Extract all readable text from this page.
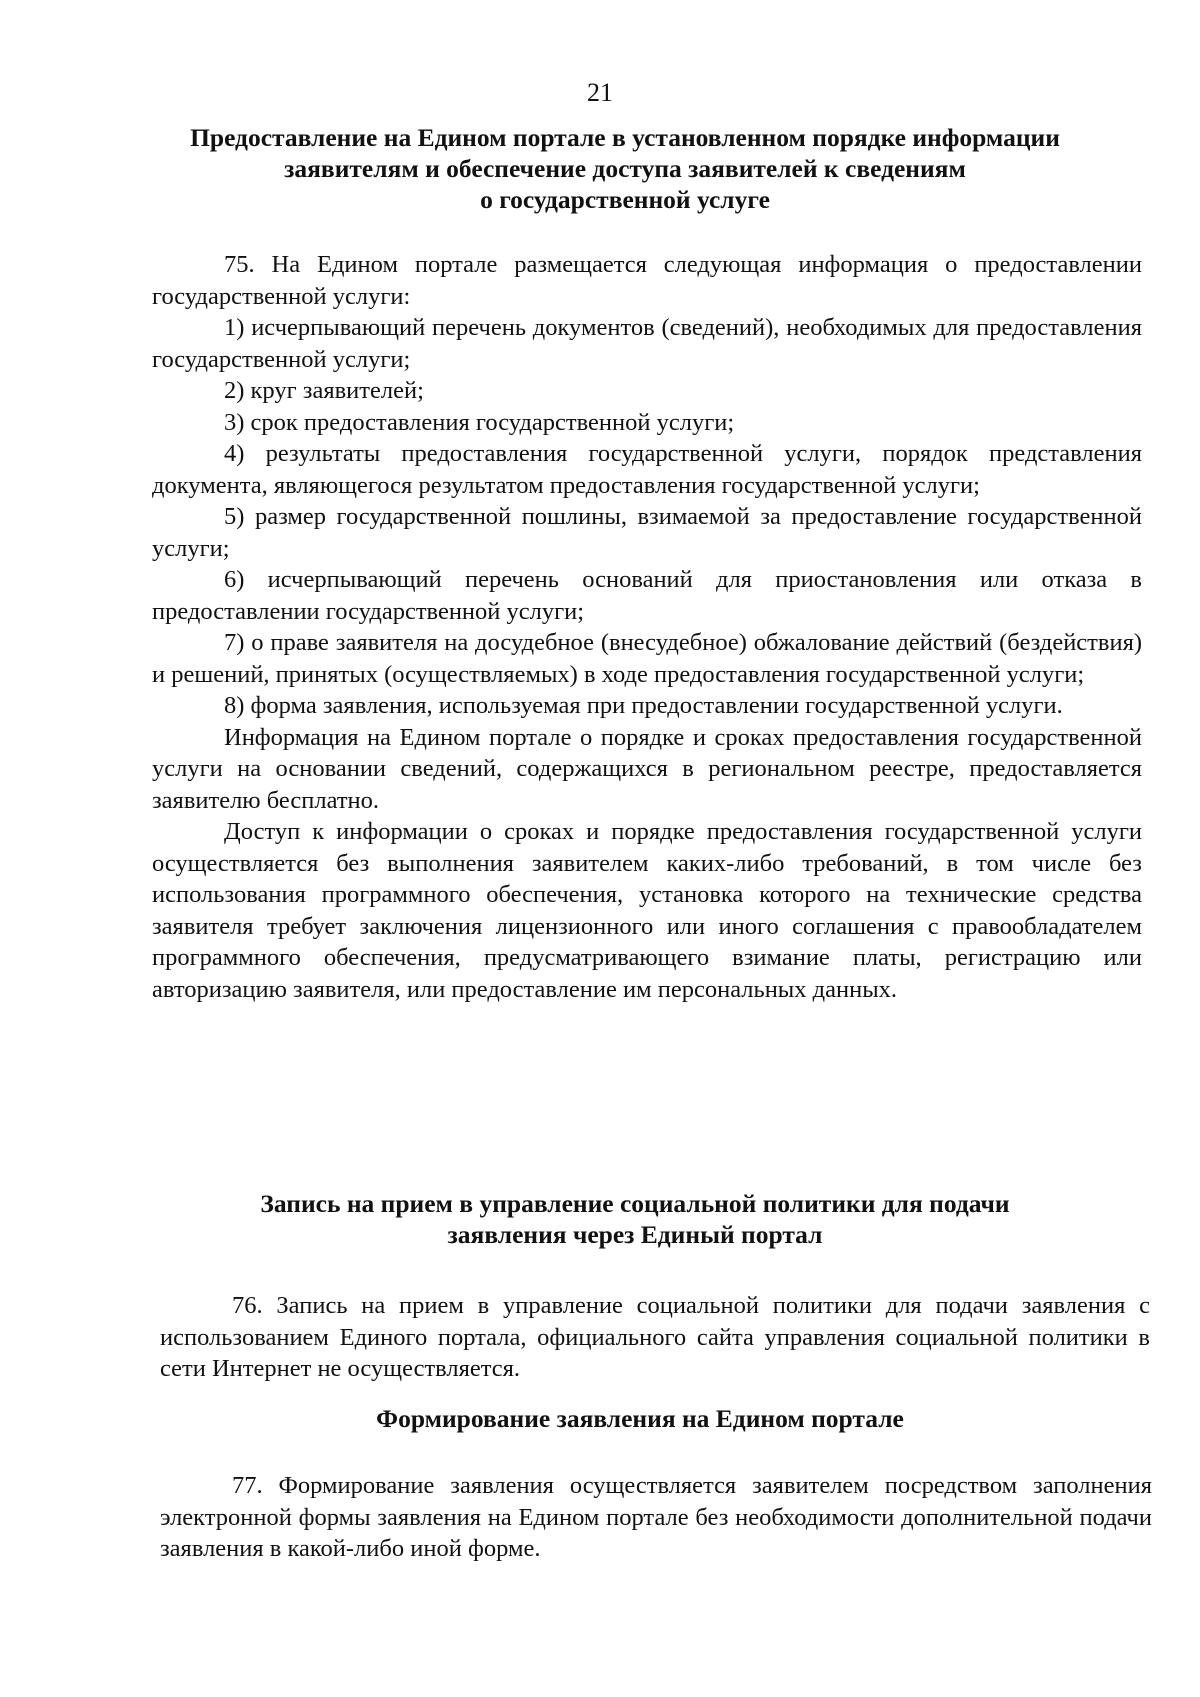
21
Предоставление на Едином портале в установленном порядке информации
заявителям и обеспечение доступа заявителей к сведениям
о государственной услуге

75. На Едином портале размещается следующая информация о предоставлении государственной услуги:

1) исчерпывающий перечень документов (сведений), необходимых для предоставления государственной услуги;

2) круг заявителей;

3) срок предоставления государственной услуги;

4) результаты предоставления государственной услуги, порядок представления документа, являющегося результатом предоставления государственной услуги;

5) размер государственной пошлины, взимаемой за предоставление государственной услуги;

6) исчерпывающий перечень оснований для приостановления или отказа в предоставлении государственной услуги;

7) о праве заявителя на досудебное (внесудебное) обжалование действий (бездействия) и решений, принятых (осуществляемых) в ходе предоставления государственной услуги;

8) форма заявления, используемая при предоставлении государственной услуги.

Информация на Едином портале о порядке и сроках предоставления государственной услуги на основании сведений, содержащихся в региональном реестре, предоставляется заявителю бесплатно.

Доступ к информации о сроках и порядке предоставления государственной услуги осуществляется без выполнения заявителем каких-либо требований, в том числе без использования программного обеспечения, установка которого на технические средства заявителя требует заключения лицензионного или иного соглашения с правообладателем программного обеспечения, предусматривающего взимание платы, регистрацию или авторизацию заявителя, или предоставление им персональных данных.

Запись на прием в управление социальной политики для подачи
заявления через Единый портал

76. Запись на прием в управление социальной политики для подачи заявления с использованием Единого портала, официального сайта управления социальной политики в сети Интернет не осуществляется.

Формирование заявления на Едином портале

77. Формирование заявления осуществляется заявителем посредством заполнения электронной формы заявления на Едином портале без необходимости дополнительной подачи заявления в какой-либо иной форме.
